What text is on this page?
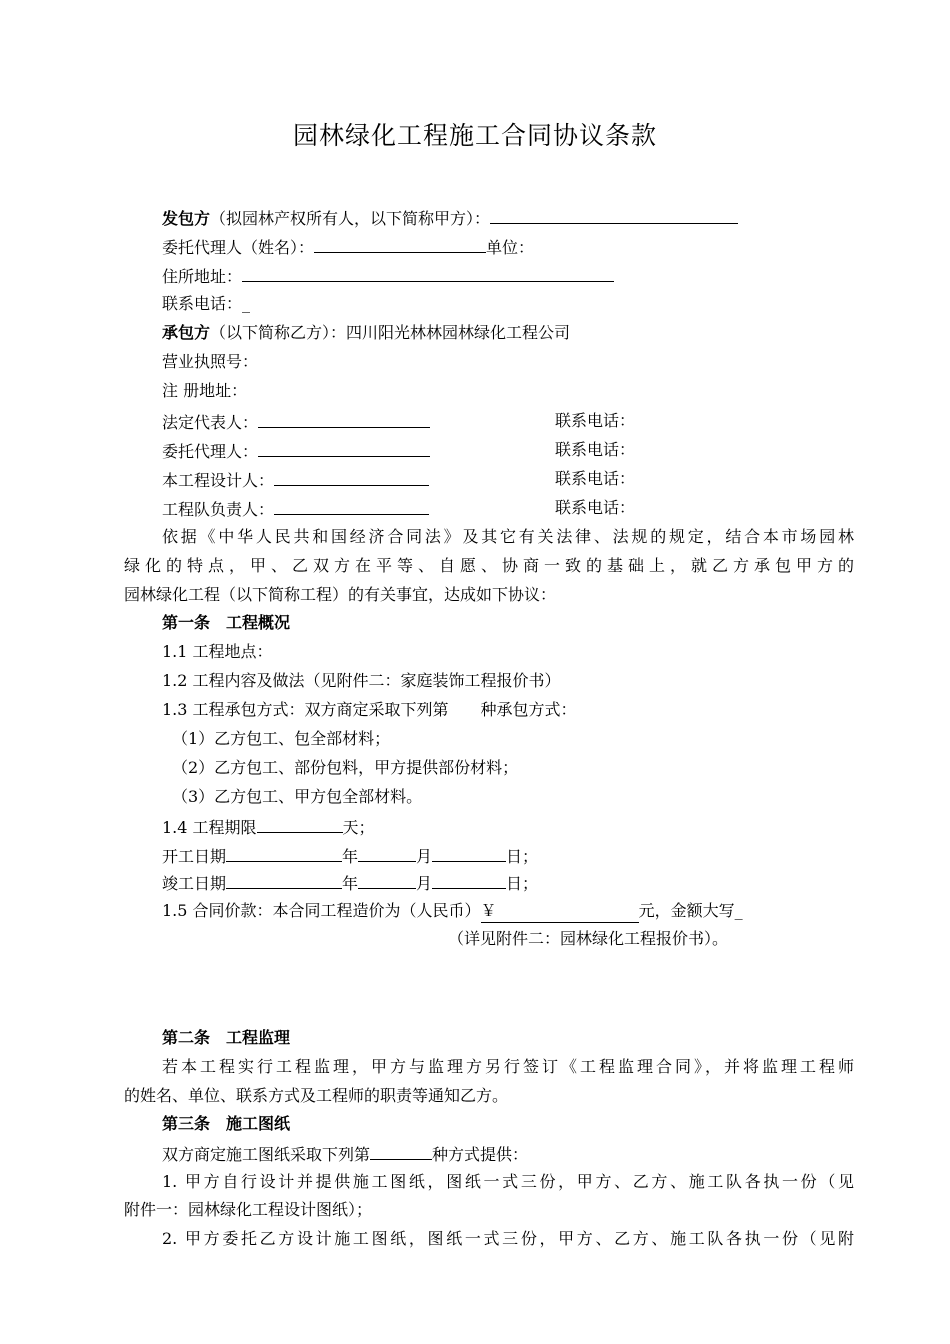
园林绿化工程施工合同协议条款
发包方（拟园林产权所有人，以下简称甲方）：
委托代理人（姓名）：	单位：
住所地址：
联系电话：_
承包方（以下简称乙方）：四川阳光林林园林绿化工程公司
营业执照号：
注 册地址：
法定代表人：	联系电话：
委托代理人：	联系电话：
本工程设计人：	联系电话：
工程队负责人：	联系电话：
依据《中华人民共和国经济合同法》及其它有关法律、法规的规定，结合本市场园林
绿化的特点，甲、乙双方在平等、自愿、协商一致的基础上，就乙方承包甲方的
园林绿化工程（以下简称工程）的有关事宜，达成如下协议：
第一条　工程概况
1.1 工程地点：
1.2 工程内容及做法（见附件二：家庭装饰工程报价书）
1.3 工程承包方式：双方商定采取下列第　　种承包方式：
（1）乙方包工、包全部材料；
（2）乙方包工、部份包料，甲方提供部份材料；
（3）乙方包工、甲方包全部材料。
1.4 工程期限	天；
开工日期	年	月	日；
竣工日期	年	月	日；
1.5 合同价款：本合同工程造价为（人民币）￥	元，金额大写_
（详见附件二：园林绿化工程报价书）。
第二条　工程监理
若本工程实行工程监理，甲方与监理方另行签订《工程监理合同》，并将监理工程师
的姓名、单位、联系方式及工程师的职责等通知乙方。
第三条　施工图纸
双方商定施工图纸采取下列第	种方式提供：
1. 甲方自行设计并提供施工图纸，图纸一式三份，甲方、乙方、施工队各执一份（见
附件一：园林绿化工程设计图纸）；
2. 甲方委托乙方设计施工图纸，图纸一式三份，甲方、乙方、施工队各执一份（见附
